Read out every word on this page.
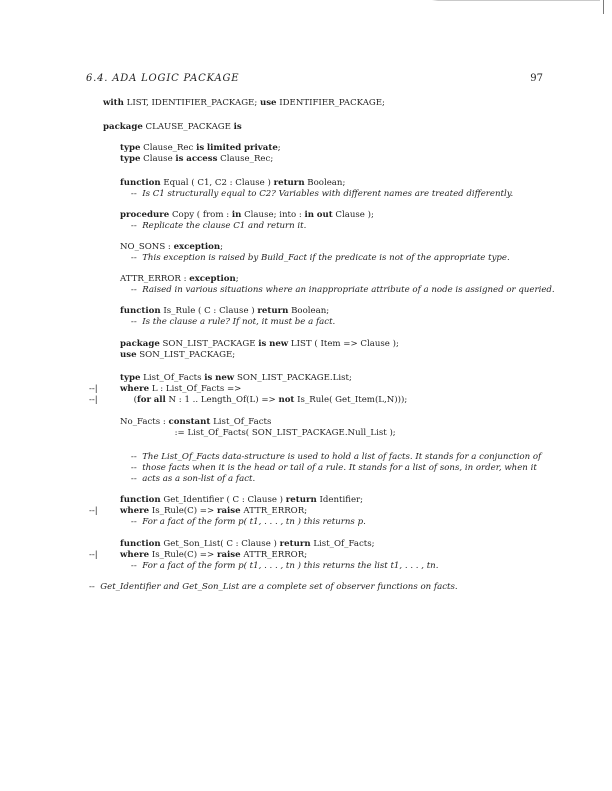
6.4. ADA LOGIC PACKAGE	97

with LIST, IDENTIFIER_PACKAGE; use IDENTIFIER_PACKAGE;

package CLAUSE_PACKAGE is

type Clause_Rec is limited private;

type Clause is access Clause_Rec;

function Equal ( C1, C2 : Clause ) return Boolean;

--  Is C1 structurally equal to C2? Variables with different names are treated differently.

procedure Copy ( from : in Clause; into : in out Clause );

--  Replicate the clause C1 and return it.

NO_SONS : exception;

--  This exception is raised by Build_Fact if the predicate is not of the appropriate type.

ATTR_ERROR : exception;

--  Raised in various situations where an inappropriate attribute of a node is assigned or queried.

function Is_Rule ( C : Clause ) return Boolean;

--  Is the clause a rule? If not, it must be a fact.

package SON_LIST_PACKAGE is new LIST ( Item => Clause );

use SON_LIST_PACKAGE;

type List_Of_Facts is new SON_LIST_PACKAGE.List;

--|

	where L : List_Of_Facts =>

--|

	(for all N : 1 .. Length_Of(L) => not Is_Rule( Get_Item(L,N)));

No_Facts : constant List_Of_Facts

:= List_Of_Facts( SON_LIST_PACKAGE.Null_List );

--  The List_Of_Facts data-structure is used to hold a list of facts. It stands for a conjunction of

--  those facts when it is the head or tail of a rule. It stands for a list of sons, in order, when it

--  acts as a son-list of a fact.

function Get_Identifier ( C : Clause ) return Identifier;

--|

	where Is_Rule(C) => raise ATTR_ERROR;

--  For a fact of the form p( t1, . . . , tn ) this returns p.

function Get_Son_List( C : Clause ) return List_Of_Facts;

--|

	where Is_Rule(C) => raise ATTR_ERROR;

--  For a fact of the form p( t1, . . . , tn ) this returns the list t1, . . . , tn.

--  Get_Identifier and Get_Son_List are a complete set of observer functions on facts.
